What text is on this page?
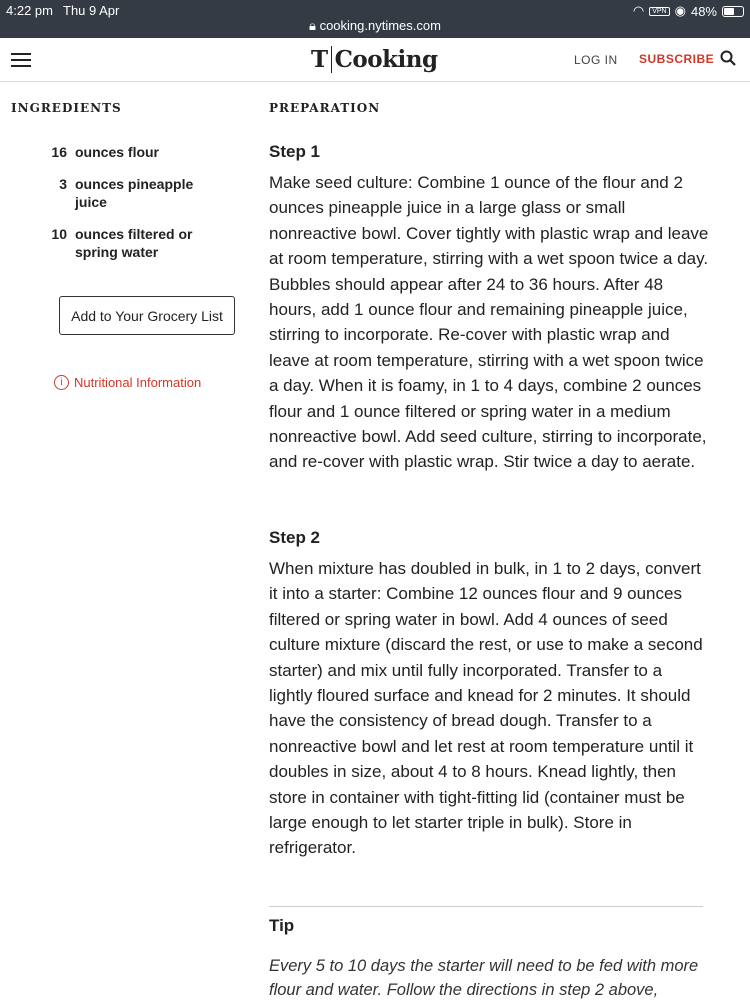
4:22 pm Thu 9 Apr
🔒︎ cooking.nytimes.com
◠	VPN ◉ 48%
T Cooking	LOG IN SUBSCRIBE
INGREDIENTS
16 ounces flour
3 ounces pineapple juice
10 ounces filtered or spring water
Add to Your Grocery List
i Nutritional Information
PREPARATION
Step 1

Make seed culture: Combine 1 ounce of the flour and 2 ounces pineapple juice in a large glass or small nonreactive bowl. Cover tightly with plastic wrap and leave at room temperature, stirring with a wet spoon twice a day. Bubbles should appear after 24 to 36 hours. After 48 hours, add 1 ounce flour and remaining pineapple juice, stirring to incorporate. Re-cover with plastic wrap and leave at room temperature, stirring with a wet spoon twice a day. When it is foamy, in 1 to 4 days, combine 2 ounces flour and 1 ounce filtered or spring water in a medium nonreactive bowl. Add seed culture, stirring to incorporate, and re-cover with plastic wrap. Stir twice a day to aerate.

Step 2

When mixture has doubled in bulk, in 1 to 2 days, convert it into a starter: Combine 12 ounces flour and 9 ounces filtered or spring water in bowl. Add 4 ounces of seed culture mixture (discard the rest, or use to make a second starter) and mix until fully incorporated. Transfer to a lightly floured surface and knead for 2 minutes. It should have the consistency of bread dough. Transfer to a nonreactive bowl and let rest at room temperature until it doubles in size, about 4 to 8 hours. Knead lightly, then store in container with tight-fitting lid (container must be large enough to let starter triple in bulk). Store in refrigerator.

Tip

Every 5 to 10 days the starter will need to be fed with more flour and water. Follow the directions in step 2 above,
